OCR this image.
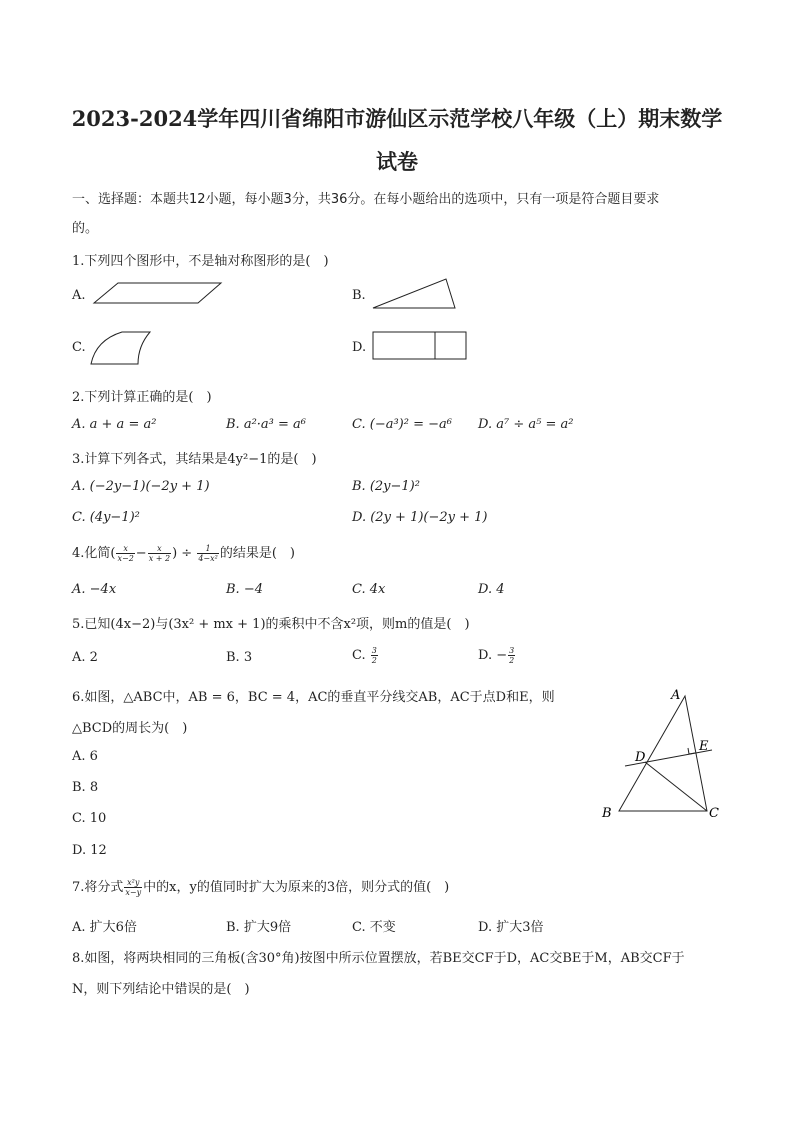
2023-2024学年四川省绵阳市游仙区示范学校八年级（上）期末数学
试卷
一、选择题：本题共12小题，每小题3分，共36分。在每小题给出的选项中，只有一项是符合题目要求
的。
1.下列四个图形中，不是轴对称图形的是(　)
A.	B.
C.	D.
2.下列计算正确的是(　)
A. a + a = a²	B. a²·a³ = a⁶	C. (−a³)² = −a⁶ D. a⁷ ÷ a⁵ = a²
3.计算下列各式，其结果是4y²−1的是(　)
A. (−2y−1)(−2y + 1)	B. (2y−1)²
C. (4y−1)²	D. (2y + 1)(−2y + 1)
4.化简( $\frac{x}{x-2} - \frac{x}{x + 2}$ ) ÷ $\frac{1}{\text{4−x²}}$ 的结果是(　)
A. −4x	B. −4	C. 4x	D. 4
5.已知(4x−2)与(3x² + mx + 1)的乘积中不含x²项，则m的值是(　)
A. 2	B. 3	C. $\frac{3}{2}$	D. − $\frac{3}{2}$
6.如图，△ABC中，AB = 6，BC = 4，AC的垂直平分线交AB，AC于点D和E，则
△BCD的周长为(　)
A. 6
B. 8
C. 10
D. 12
A
B	C
D
E
7.将分式 $\frac{\text{x²y}}{x-y}$ 中的x，y的值同时扩大为原来的3倍，则分式的值(　)
A. 扩大6倍	B. 扩大9倍	C. 不变	D. 扩大3倍
8.如图，将两块相同的三角板(含30°角)按图中所示位置摆放，若BE交CF于D，AC交BE于M，AB交CF于
N，则下列结论中错误的是(　)
